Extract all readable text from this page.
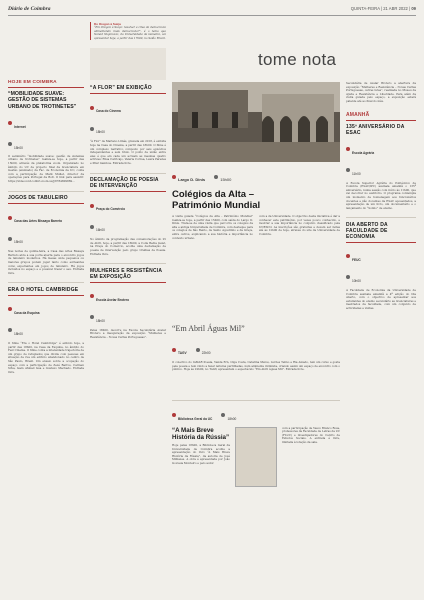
Diário de Coimbra	QUINTA-FEIRA | 21 ABR 2022 | 09
HOJE EM COIMBRA
“MOBILIDADE SUAVE: GESTÃO DE SISTEMAS URBANO DE TROTINETES”
Internet
15h00

O seminário “mobilidade suave: gestão de sistemas urbano de trotinetes” realiza-se hoje, a partir das 15h00, através da plataforma zoom. Organizado no âmbito do UC de projecto final da licenciatura em Gestão (ensinado) da Fac. de Economia da UC, conta com a participação de Mark Mullet, director da operações para Portugal da Bolt. O link para assistir: https://videoconf-colibri.zoom.us/j/8784809869...

JOGOS DE TABULEIRO
Casa das Artes Bissaya Barreto
15h00

Nas noites de quinta-feira, a Casa das Artes Bissaya Barreto abre a sua porta aberta para o encontro jogos de tabuleiro modernos. Há mesas onde pequenos ou maiores grupos podem jogar tanto como estreantes como experientes em jogos de tabuleiro. Há jogos incluídos no espaço e é possível trazer o seu. Entrada livre.

ERA O HOTEL CAMBRIDGE
Casa da Esquina
18h00

O filme “Era o Hotel Cambridge” é exibido hoje, a partir das 18h00, na Casa da Esquina, no âmbito do Fest Cinema. O filme conta a intensidade trajectória de um grupo de refugiados que divide com pessoas em situação de rua um edifício abandonado no centro de São Paulo, Brasil. Um ensaio sobre a ocupação do espaço com a participação de Zezé Barros, Carmen Silva, Isam Ahmad Issa e Gustavo Machado. Entrada livre.

Do Oregon à Suíça

“Em Oregon à Suíça: resolver a crise da democracia alimentando mais democracia?”, é o tema que Nenad Stojanovic, da Universidade de Genebra, vai apresentar hoje, a partir das 17h00, no Salão Brazil.

“A FLOR” EM EXIBIÇÃO
Casa do Cinema
18h00

“A Flor” de Mariano Llinás, gravada em 2018, é exibida hoje na Casa do Cinema, a partir das 18h00. O filme é um complexo narrativo composto por seis episódios independentes e sem título. O ponto de união entre eles é que em cada um actuam as mesmas quatro actrizes: Elisa Carricajo, Valeria Correa, Laura Paredes e Pilar Gamboa. Entrada livre.

DECLAMAÇÃO DE POESIA DE INTERVENÇÃO
Praça do Comércio
16h00

No âmbito da programação das comemorações do 25 de Abril, hoje, a partir das 16h00, a Coda Bedia Gelet, na Praça do Comércio, acolhe uma declamação de poesia de intervenção pelo grupo Orelhas de Poesia. Entrada livre.

MULHERES E RESISTÊNCIA EM EXPOSIÇÃO
Escola Avelar Brotero
18h00

Pelas 18h00, decorre na Escola Secundária Avelar Brotero a inauguração da exposição “Mulheres e Resistência – Novas Cartas Portuguesas”.

tome nota
Largo D. Dinis	15h00
Colégios da Alta – Património Mundial

A visita guiada “Colégios da Alta – Património Mundial” realiza-se hoje, a partir das 15h00, com saída do Largo D. Dinis. Trata-se de uma visita que percorre os colégios da alta e antiga Universidade de Coimbra, com destaque para os colégios de São Bento, de Santo Agostinho e da Graça, entre outros, explicando a sua história e importância no contexto urbano.

com a da Universidade. O objectivo desta iniciativa é dar a conhecer este património, por vezes pouco conhecido, e mostrar a sua importância no conjunto classificado pela UNESCO. As inscrições são gratuitas e devem ser feitas até às 12h00 de hoje, através do site da Universidade de Coimbra.

“Em Abril Águas Mil”
TAGV	22h00

O colectivo do IAMAR Poesia, Vanda Ern, Olga Costa, Catarina Matos, Lurdes Telino e Ria Amado, tem um curso e gosta pela poesia e tem vindo a fazer leituras partilhadas, num ambiente intimista, criando assim um espaço de encontro com o público. Hoje às 22h00, no TAGV, apresentam o espectáculo “Em Abril Águas Mil”. Entrada livre.

Biblioteca Geral da UC	18h00
“A Mais Breve História da Rússia”

Hoje pelas 18h00, a Biblioteca Geral da Universidade de Coimbra acolhe a apresentação do livro “A Mais Breve História da Rússia”, da autoria de José Milhazes. A obra é apresentada por João Gouveia Monteiro e pelo autor.

com a participação de Vasco Branco Rosa, professores da Faculdade de Letras da UC (FLUC) e investigadores do Centro de Estudos Sociais. A entrada é livre, limitada à lotação da sala.

Secundária de Avelar Brotero a abertura da exposição “Mulheres e Resistência – Novas Cartas Portuguesas, outras lutas”, realizada no Museu da Ajuda e Resistência e Liberdade. Para além da visita guiada pelo espaço, a exposição estará patente até ao final do mês.

AMANHÃ
135º ANIVERSÁRIO DA ESAC
Escola Agrária
11h00

A Escola Superior Agrária do Politécnico de Coimbra (ESAC/IPC) assinala amanhã o 135º aniversário, numa sessão com início às 11h00, que vai decorrer no auditório. O programa contempla um momento de homenagem aos funcionários docentes e não docentes da ESAC aposentados, a apresentação de um livro, um documentário e o lançamento do “Sonho” de ensino.

DIA ABERTO DA FACULDADE DE ECONOMIA
FEUC
10h00

A Faculdade de Economia da Universidade de Coimbra assinala amanhã a 4ª edição do Dia Aberto, com o objectivo de apresentar aos estudantes do ensino secundário as licenciaturas e mestrados da faculdade, com um conjunto de actividades e visitas.
